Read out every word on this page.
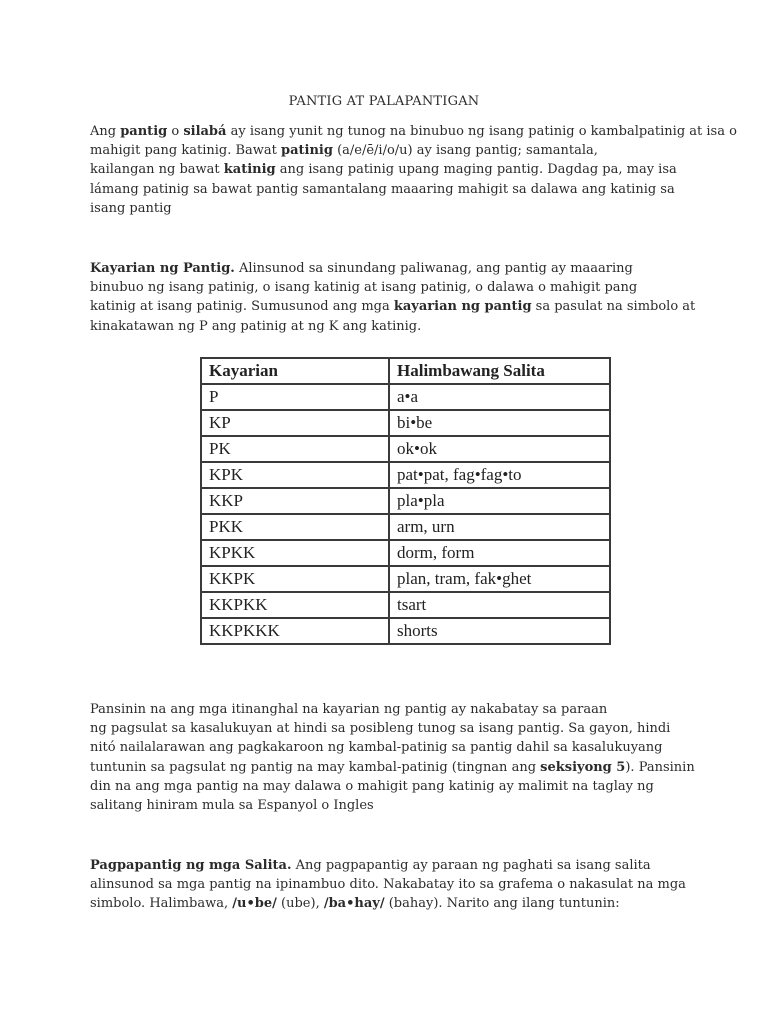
PANTIG AT PALAPANTIGAN
Ang pantig o silabá ay isang yunit ng tunog na binubuo ng isang patinig o kambalpatinig at isa o
mahigit pang katinig. Bawat patinig (a/e/ē/i/o/u) ay isang pantig; samantala,
kailangan ng bawat katinig ang isang patinig upang maging pantig. Dagdag pa, may isa
lámang patinig sa bawat pantig samantalang maaaring mahigit sa dalawa ang katinig sa
isang pantig
Kayarian ng Pantig. Alinsunod sa sinundang paliwanag, ang pantig ay maaaring
binubuo ng isang patinig, o isang katinig at isang patinig, o dalawa o mahigit pang
katinig at isang patinig. Sumusunod ang mga kayarian ng pantig sa pasulat na simbolo at
kinakatawan ng P ang patinig at ng K ang katinig.
Kayarian	Halimbawang Salita
P	a•a
KP	bi•be
PK	ok•ok
KPK	pat•pat, fag•fag•to
KKP	pla•pla
PKK	arm, urn
KPKK	dorm, form
KKPK	plan, tram, fak•ghet
KKPKK	tsart
KKPKKK	shorts
Pansinin na ang mga itinanghal na kayarian ng pantig ay nakabatay sa paraan
ng pagsulat sa kasalukuyan at hindi sa posibleng tunog sa isang pantig. Sa gayon, hindi
nitó nailalarawan ang pagkakaroon ng kambal-patinig sa pantig dahil sa kasalukuyang
tuntunin sa pagsulat ng pantig na may kambal-patinig (tingnan ang seksiyong 5). Pansinin
din na ang mga pantig na may dalawa o mahigit pang katinig ay malimit na taglay ng
salitang hiniram mula sa Espanyol o Ingles
Pagpapantig ng mga Salita. Ang pagpapantig ay paraan ng paghati sa isang salita
alinsunod sa mga pantig na ipinambuo dito. Nakabatay ito sa grafema o nakasulat na mga
simbolo. Halimbawa, /u•be/ (ube), /ba•hay/ (bahay). Narito ang ilang tuntunin:
